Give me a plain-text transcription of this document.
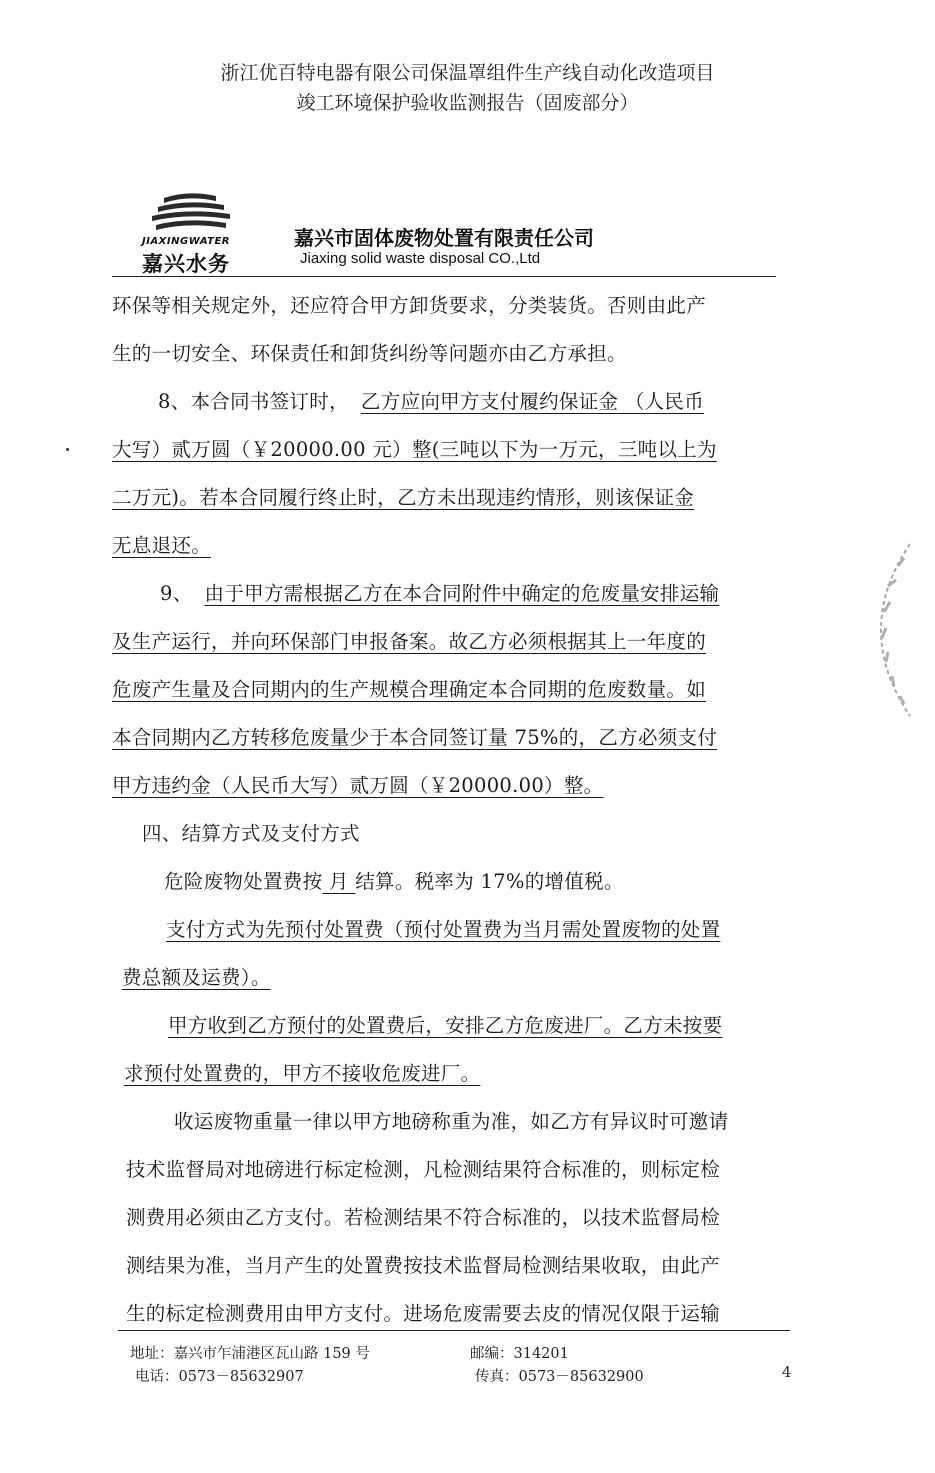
浙江优百特电器有限公司保温罩组件生产线自动化改造项目
竣工环境保护验收监测报告（固废部分）
JIAXINGWATER
嘉兴水务
嘉兴市固体废物处置有限责任公司
Jiaxing solid waste disposal CO.,Ltd
环保等相关规定外，还应符合甲方卸货要求，分类装货。否则由此产
生的一切安全、环保责任和卸货纠纷等问题亦由乙方承担。
8、本合同书签订时， 乙方应向甲方支付履约保证金 （人民币
大写）贰万圆（￥20000.00 元）整(三吨以下为一万元，三吨以上为
二万元)。若本合同履行终止时，乙方未出现违约情形，则该保证金
无息退还。
9、 由于甲方需根据乙方在本合同附件中确定的危废量安排运输
及生产运行，并向环保部门申报备案。故乙方必须根据其上一年度的
危废产生量及合同期内的生产规模合理确定本合同期的危废数量。如
本合同期内乙方转移危废量少于本合同签订量 75%的，乙方必须支付
甲方违约金（人民币大写）贰万圆（￥20000.00）整。
四、结算方式及支付方式
危险废物处置费按 月 结算。税率为 17%的增值税。
支付方式为先预付处置费（预付处置费为当月需处置废物的处置
费总额及运费）。
甲方收到乙方预付的处置费后，安排乙方危废进厂。乙方未按要
求预付处置费的，甲方不接收危废进厂。
收运废物重量一律以甲方地磅称重为准，如乙方有异议时可邀请
技术监督局对地磅进行标定检测，凡检测结果符合标准的，则标定检
测费用必须由乙方支付。若检测结果不符合标准的，以技术监督局检
测结果为准，当月产生的处置费按技术监督局检测结果收取，由此产
生的标定检测费用由甲方支付。进场危废需要去皮的情况仅限于运输
地址：嘉兴市乍浦港区瓦山路 159 号	邮编：314201
电话：0573－85632907	传真：0573－85632900	4
